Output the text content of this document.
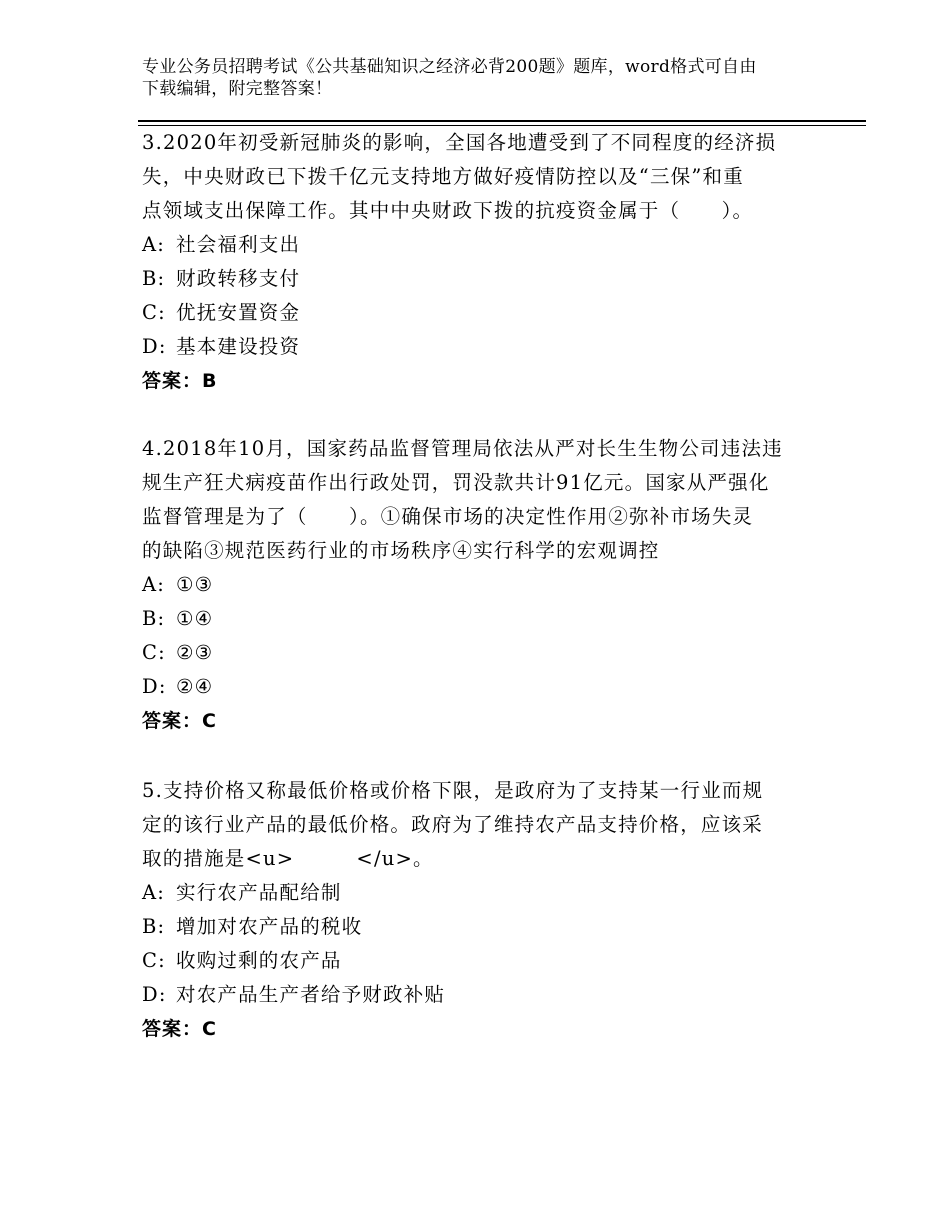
专业公务员招聘考试《公共基础知识之经济必背200题》题库，word格式可自由
下载编辑，附完整答案！

3.2020年初受新冠肺炎的影响，全国各地遭受到了不同程度的经济损

失，中央财政已下拨千亿元支持地方做好疫情防控以及“三保”和重

点领域支出保障工作。其中中央财政下拨的抗疫资金属于（　　）。

A: 社会福利支出

B: 财政转移支付

C: 优抚安置资金

D: 基本建设投资

答案：B

4.2018年10月，国家药品监督管理局依法从严对长生生物公司违法违

规生产狂犬病疫苗作出行政处罚，罚没款共计91亿元。国家从严强化

监督管理是为了（　　）。①确保市场的决定性作用②弥补市场失灵

的缺陷③规范医药行业的市场秩序④实行科学的宏观调控

A: ①③

B: ①④

C: ②③

D: ②④

答案：C

5.支持价格又称最低价格或价格下限，是政府为了支持某一行业而规

定的该行业产品的最低价格。政府为了维持农产品支持价格，应该采

取的措施是<u>　　　</u>。

A: 实行农产品配给制

B: 增加对农产品的税收

C: 收购过剩的农产品

D: 对农产品生产者给予财政补贴

答案：C
